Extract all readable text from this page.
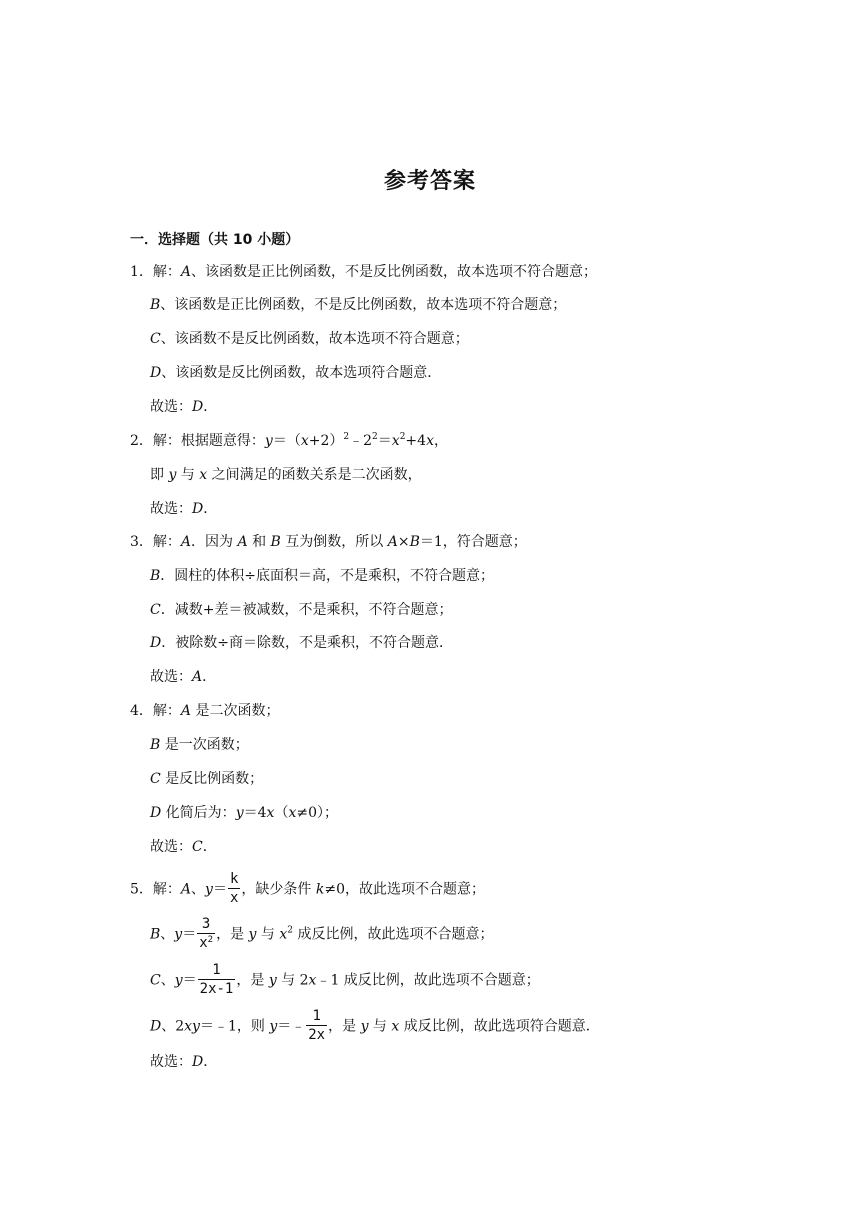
参考答案
一．选择题（共 10 小题）
1．解：A、该函数是正比例函数，不是反比例函数，故本选项不符合题意；
B、该函数是正比例函数，不是反比例函数，故本选项不符合题意；
C、该函数不是反比例函数，故本选项不符合题意；
D、该函数是反比例函数，故本选项符合题意．
故选：D．
2．解：根据题意得：$y=(x+2)^2﹣2^2=x^2+4x$，
即 y 与 x 之间满足的函数关系是二次函数，
故选：D．
3．解：A．因为 A 和 B 互为倒数，所以 A×B＝1，符合题意；
B．圆柱的体积÷底面积＝高，不是乘积，不符合题意；
C．减数+差＝被减数，不是乘积，不符合题意；
D．被除数÷商＝除数，不是乘积，不符合题意．
故选：A．
4．解：A 是二次函数；
B 是一次函数；
C 是反比例函数；
D 化简后为：y＝4x（x≠0）；
故选：C．
5．解：A、$y= \frac{k}{x}$ ，缺少条件 k≠0，故此选项不合题意；
B、$y= \frac{3}{x^2}$ ，是 y 与 $x^2$ 成反比例，故此选项不合题意；
C、$y= \frac{1}{2x-1}$ ，是 y 与 2x﹣1 成反比例，故此选项不合题意；
D、2xy＝﹣1，则 y＝﹣ $\frac{1}{2x}$ ，是 y 与 x 成反比例，故此选项符合题意．
故选：D．
